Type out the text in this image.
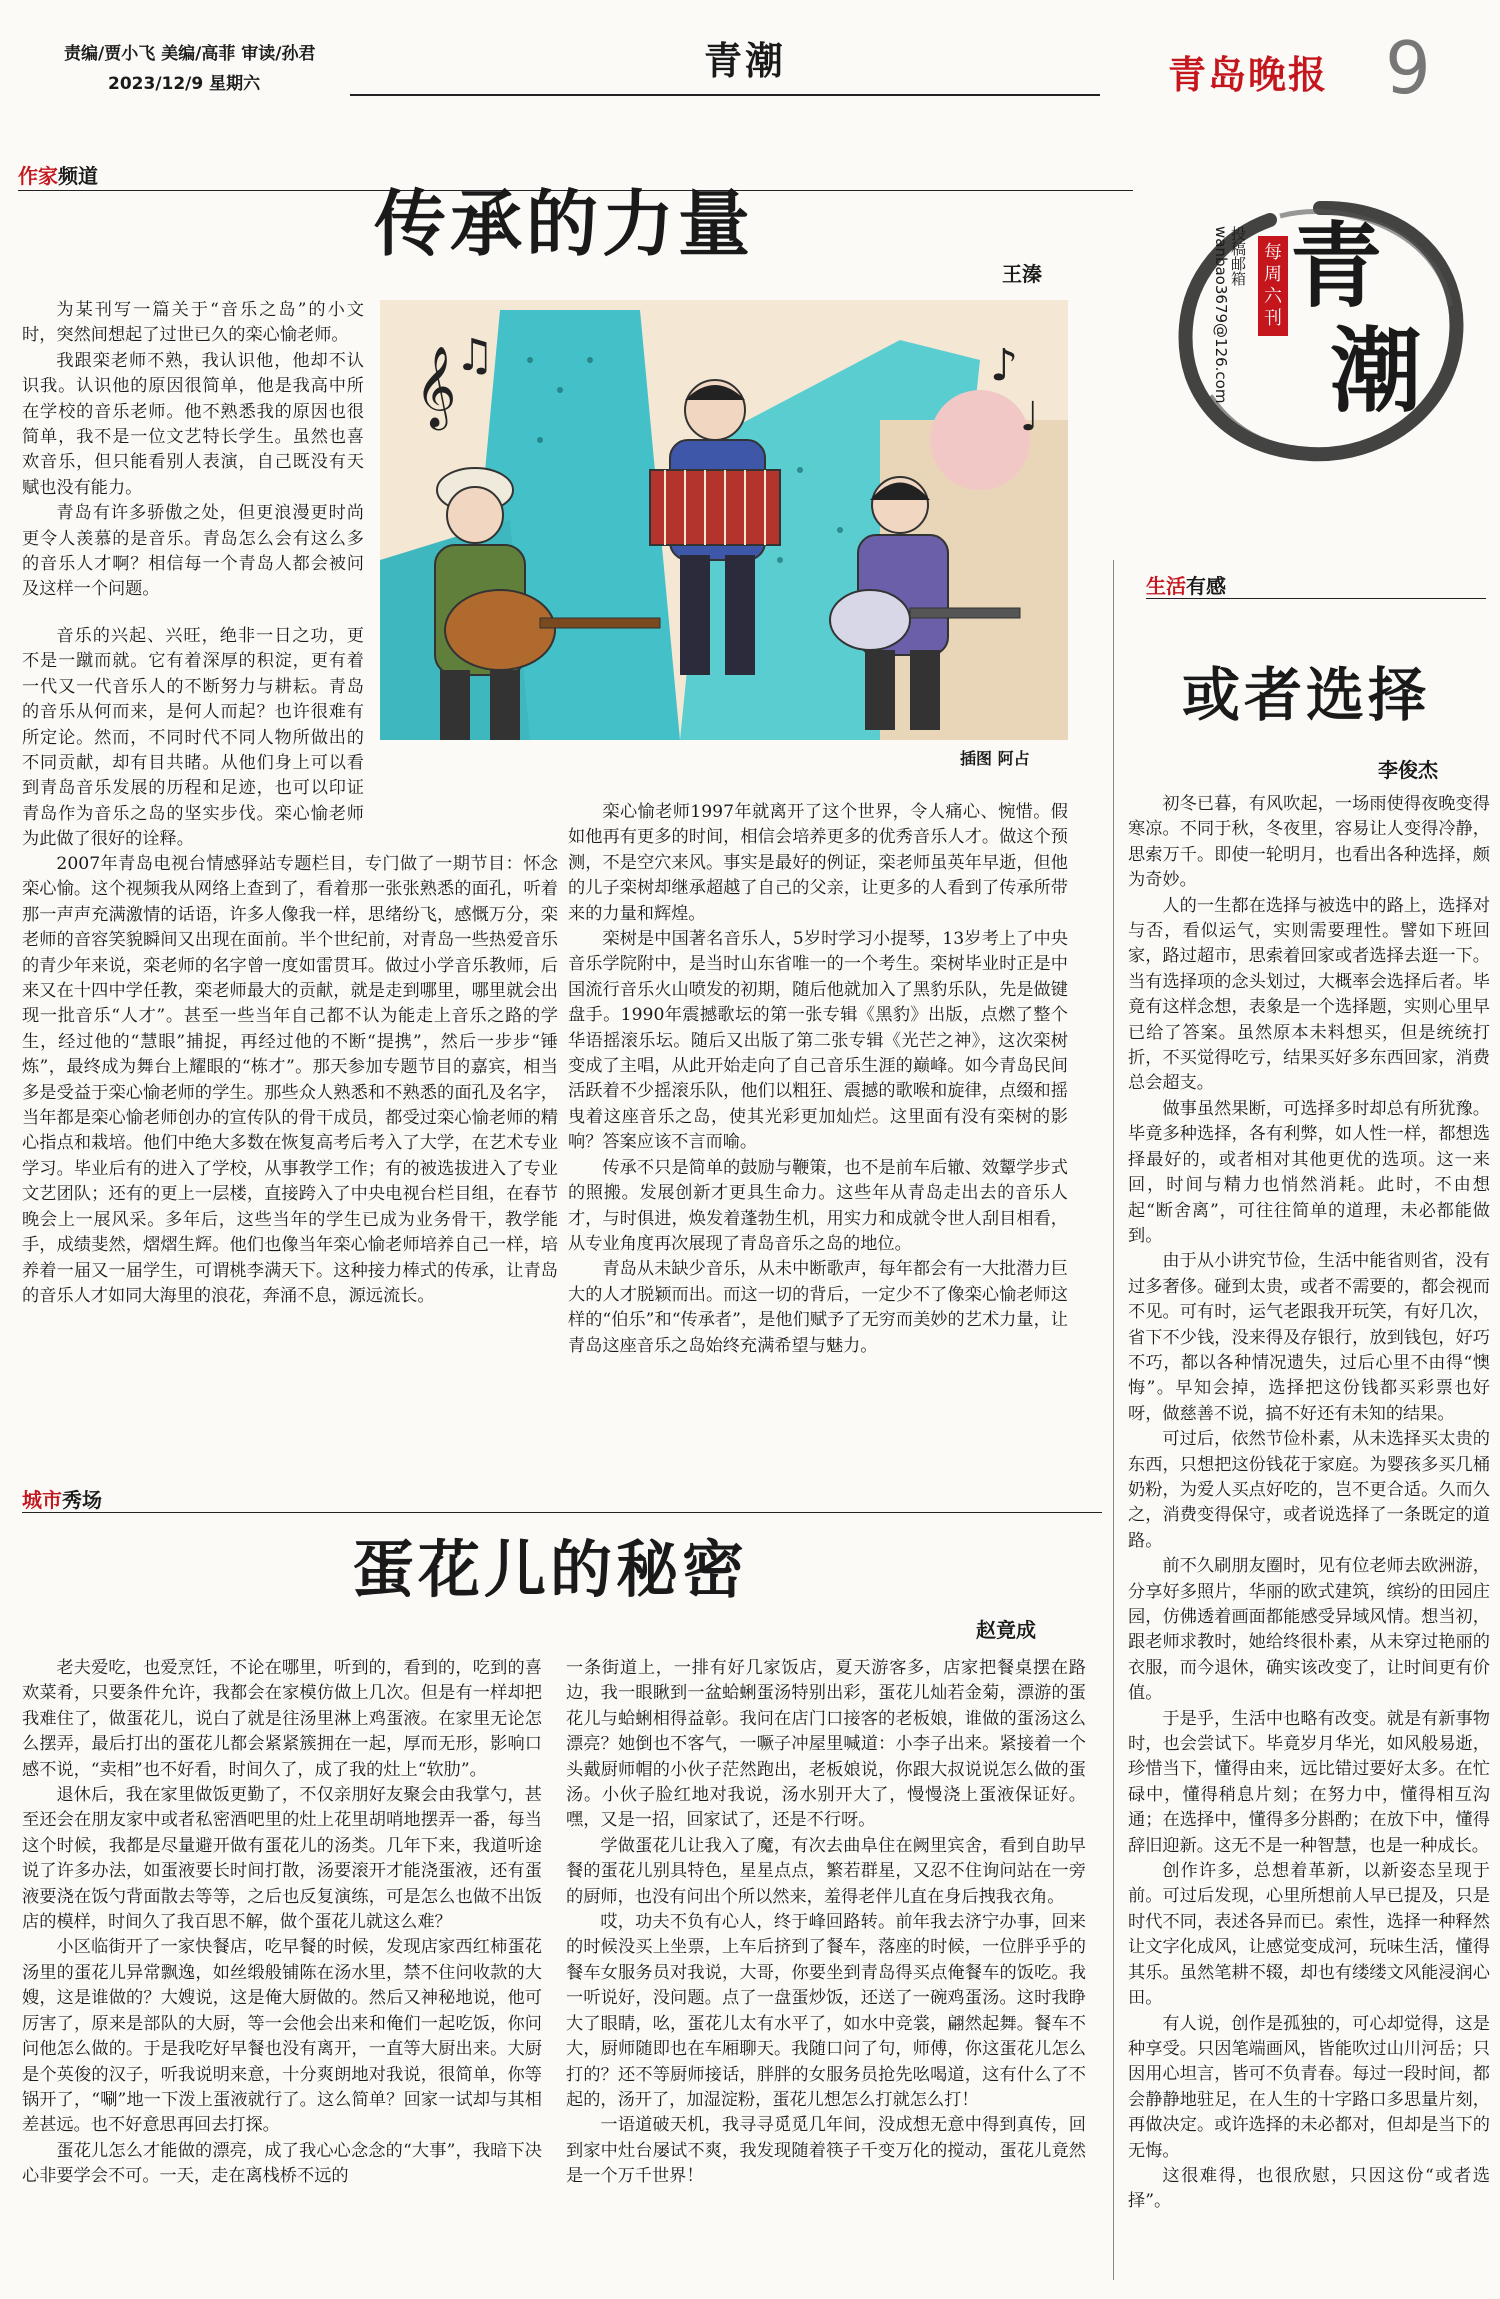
责编/贾小飞 美编/高菲 审读/孙君
2023/12/9 星期六
青潮	青岛晚报 9
青
潮
每周六刊
投稿邮箱 wanbao3679@126.com
作家频道
传承的力量
王溱
𝄞
♫	♪
♩
插图 阿占

为某刊写一篇关于“音乐之岛”的小文时，突然间想起了过世已久的栾心愉老师。

我跟栾老师不熟，我认识他，他却不认识我。认识他的原因很简单，他是我高中所在学校的音乐老师。他不熟悉我的原因也很简单，我不是一位文艺特长学生。虽然也喜欢音乐，但只能看别人表演，自己既没有天赋也没有能力。

青岛有许多骄傲之处，但更浪漫更时尚更令人羡慕的是音乐。青岛怎么会有这么多的音乐人才啊？相信每一个青岛人都会被问及这样一个问题。

音乐的兴起、兴旺，绝非一日之功，更不是一蹴而就。它有着深厚的积淀，更有着一代又一代音乐人的不断努力与耕耘。青岛的音乐从何而来，是何人而起？也许很难有所定论。然而，不同时代不同人物所做出的不同贡献，却有目共睹。从他们身上可以看到青岛音乐发展的历程和足迹，也可以印证青岛作为音乐之岛的坚实步伐。栾心愉老师为此做了很好的诠释。

2007年青岛电视台情感驿站专题栏目，专门做了一期节目：怀念栾心愉。这个视频我从网络上查到了，看着那一张张熟悉的面孔，听着那一声声充满激情的话语，许多人像我一样，思绪纷飞，感慨万分，栾老师的音容笑貌瞬间又出现在面前。半个世纪前，对青岛一些热爱音乐的青少年来说，栾老师的名字曾一度如雷贯耳。做过小学音乐教师，后来又在十四中学任教，栾老师最大的贡献，就是走到哪里，哪里就会出现一批音乐“人才”。甚至一些当年自己都不认为能走上音乐之路的学生，经过他的“慧眼”捕捉，再经过他的不断“提携”，然后一步步“锤炼”，最终成为舞台上耀眼的“栋才”。那天参加专题节目的嘉宾，相当多是受益于栾心愉老师的学生。那些众人熟悉和不熟悉的面孔及名字，当年都是栾心愉老师创办的宣传队的骨干成员，都受过栾心愉老师的精心指点和栽培。他们中绝大多数在恢复高考后考入了大学，在艺术专业学习。毕业后有的进入了学校，从事教学工作；有的被选拔进入了专业文艺团队；还有的更上一层楼，直接跨入了中央电视台栏目组，在春节晚会上一展风采。多年后，这些当年的学生已成为业务骨干，教学能手，成绩斐然，熠熠生辉。他们也像当年栾心愉老师培养自己一样，培养着一届又一届学生，可谓桃李满天下。这种接力棒式的传承，让青岛的音乐人才如同大海里的浪花，奔涌不息，源远流长。

栾心愉老师1997年就离开了这个世界，令人痛心、惋惜。假如他再有更多的时间，相信会培养更多的优秀音乐人才。做这个预测，不是空穴来风。事实是最好的例证，栾老师虽英年早逝，但他的儿子栾树却继承超越了自己的父亲，让更多的人看到了传承所带来的力量和辉煌。

栾树是中国著名音乐人，5岁时学习小提琴，13岁考上了中央音乐学院附中，是当时山东省唯一的一个考生。栾树毕业时正是中国流行音乐火山喷发的初期，随后他就加入了黑豹乐队，先是做键盘手。1990年震撼歌坛的第一张专辑《黑豹》出版，点燃了整个华语摇滚乐坛。随后又出版了第二张专辑《光芒之神》，这次栾树变成了主唱，从此开始走向了自己音乐生涯的巅峰。如今青岛民间活跃着不少摇滚乐队，他们以粗狂、震撼的歌喉和旋律，点缀和摇曳着这座音乐之岛，使其光彩更加灿烂。这里面有没有栾树的影响？答案应该不言而喻。

传承不只是简单的鼓励与鞭策，也不是前车后辙、效颦学步式的照搬。发展创新才更具生命力。这些年从青岛走出去的音乐人才，与时俱进，焕发着蓬勃生机，用实力和成就令世人刮目相看，从专业角度再次展现了青岛音乐之岛的地位。

青岛从未缺少音乐，从未中断歌声，每年都会有一大批潜力巨大的人才脱颖而出。而这一切的背后，一定少不了像栾心愉老师这样的“伯乐”和“传承者”，是他们赋予了无穷而美妙的艺术力量，让青岛这座音乐之岛始终充满希望与魅力。

生活有感
或者选择
李俊杰

初冬已暮，有风吹起，一场雨使得夜晚变得寒凉。不同于秋，冬夜里，容易让人变得冷静，思索万千。即使一轮明月，也看出各种选择，颇为奇妙。

人的一生都在选择与被选中的路上，选择对与否，看似运气，实则需要理性。譬如下班回家，路过超市，思索着回家或者选择去逛一下。当有选择项的念头划过，大概率会选择后者。毕竟有这样念想，表象是一个选择题，实则心里早已给了答案。虽然原本未料想买，但是统统打折，不买觉得吃亏，结果买好多东西回家，消费总会超支。

做事虽然果断，可选择多时却总有所犹豫。毕竟多种选择，各有利弊，如人性一样，都想选择最好的，或者相对其他更优的选项。这一来回，时间与精力也悄然消耗。此时，不由想起“断舍离”，可往往简单的道理，未必都能做到。

由于从小讲究节俭，生活中能省则省，没有过多奢侈。碰到太贵，或者不需要的，都会视而不见。可有时，运气老跟我开玩笑，有好几次，省下不少钱，没来得及存银行，放到钱包，好巧不巧，都以各种情况遗失，过后心里不由得“懊悔”。早知会掉，选择把这份钱都买彩票也好呀，做慈善不说，搞不好还有未知的结果。

可过后，依然节俭朴素，从未选择买太贵的东西，只想把这份钱花于家庭。为婴孩多买几桶奶粉，为爱人买点好吃的，岂不更合适。久而久之，消费变得保守，或者说选择了一条既定的道路。

前不久刷朋友圈时，见有位老师去欧洲游，分享好多照片，华丽的欧式建筑，缤纷的田园庄园，仿佛透着画面都能感受异域风情。想当初，跟老师求教时，她给终很朴素，从未穿过艳丽的衣服，而今退休，确实该改变了，让时间更有价值。

于是乎，生活中也略有改变。就是有新事物时，也会尝试下。毕竟岁月华光，如风般易逝，珍惜当下，懂得由来，远比错过要好太多。在忙碌中，懂得稍息片刻；在努力中，懂得相互沟通；在选择中，懂得多分斟酌；在放下中，懂得辞旧迎新。这无不是一种智慧，也是一种成长。

创作许多，总想着革新，以新姿态呈现于前。可过后发现，心里所想前人早已提及，只是时代不同，表述各异而已。索性，选择一种释然让文字化成风，让感觉变成河，玩味生活，懂得其乐。虽然笔耕不辍，却也有缕缕文风能浸润心田。

有人说，创作是孤独的，可心却觉得，这是种享受。只因笔端画风，皆能吹过山川河岳；只因用心坦言，皆可不负青春。每过一段时间，都会静静地驻足，在人生的十字路口多思量片刻，再做决定。或许选择的未必都对，但却是当下的无悔。

这很难得，也很欣慰，只因这份“或者选择”。

城市秀场
蛋花儿的秘密
赵竟成

老夫爱吃，也爱烹饪，不论在哪里，听到的，看到的，吃到的喜欢菜肴，只要条件允许，我都会在家模仿做上几次。但是有一样却把我难住了，做蛋花儿，说白了就是往汤里淋上鸡蛋液。在家里无论怎么摆弄，最后打出的蛋花儿都会紧紧簇拥在一起，厚而无形，影响口感不说，“卖相”也不好看，时间久了，成了我的灶上“软肋”。

退休后，我在家里做饭更勤了，不仅亲朋好友聚会由我掌勺，甚至还会在朋友家中或者私密酒吧里的灶上花里胡哨地摆弄一番，每当这个时候，我都是尽量避开做有蛋花儿的汤类。几年下来，我道听途说了许多办法，如蛋液要长时间打散，汤要滚开才能浇蛋液，还有蛋液要浇在饭勺背面散去等等，之后也反复演练，可是怎么也做不出饭店的模样，时间久了我百思不解，做个蛋花儿就这么难？

小区临街开了一家快餐店，吃早餐的时候，发现店家西红柿蛋花汤里的蛋花儿异常飘逸，如丝缎般铺陈在汤水里，禁不住问收款的大嫂，这是谁做的？大嫂说，这是俺大厨做的。然后又神秘地说，他可厉害了，原来是部队的大厨，等一会他会出来和俺们一起吃饭，你问问他怎么做的。于是我吃好早餐也没有离开，一直等大厨出来。大厨是个英俊的汉子，听我说明来意，十分爽朗地对我说，很简单，你等锅开了，“唰”地一下泼上蛋液就行了。这么简单？回家一试却与其相差甚远。也不好意思再回去打探。

蛋花儿怎么才能做的漂亮，成了我心心念念的“大事”，我暗下决心非要学会不可。一天，走在离栈桥不远的

一条街道上，一排有好几家饭店，夏天游客多，店家把餐桌摆在路边，我一眼瞅到一盆蛤蜊蛋汤特别出彩，蛋花儿灿若金菊，漂游的蛋花儿与蛤蜊相得益彰。我问在店门口接客的老板娘，谁做的蛋汤这么漂亮？她倒也不客气，一噘子冲屋里喊道：小李子出来。紧接着一个头戴厨师帽的小伙子茫然跑出，老板娘说，你跟大叔说说怎么做的蛋汤。小伙子脸红地对我说，汤水别开大了，慢慢浇上蛋液保证好。嘿，又是一招，回家试了，还是不行呀。

学做蛋花儿让我入了魔，有次去曲阜住在阙里宾舍，看到自助早餐的蛋花儿别具特色，星星点点，繁若群星，又忍不住询问站在一旁的厨师，也没有问出个所以然来，羞得老伴儿直在身后拽我衣角。

哎，功夫不负有心人，终于峰回路转。前年我去济宁办事，回来的时候没买上坐票，上车后挤到了餐车，落座的时候，一位胖乎乎的餐车女服务员对我说，大哥，你要坐到青岛得买点俺餐车的饭吃。我一听说好，没问题。点了一盘蛋炒饭，还送了一碗鸡蛋汤。这时我睁大了眼睛，吆，蛋花儿太有水平了，如水中竞裳，翩然起舞。餐车不大，厨师随即也在车厢聊天。我随口问了句，师傅，你这蛋花儿怎么打的？还不等厨师接话，胖胖的女服务员抢先吆喝道，这有什么了不起的，汤开了，加湿淀粉，蛋花儿想怎么打就怎么打！

一语道破天机，我寻寻觅觅几年间，没成想无意中得到真传，回到家中灶台屡试不爽，我发现随着筷子千变万化的搅动，蛋花儿竟然是一个万千世界！
